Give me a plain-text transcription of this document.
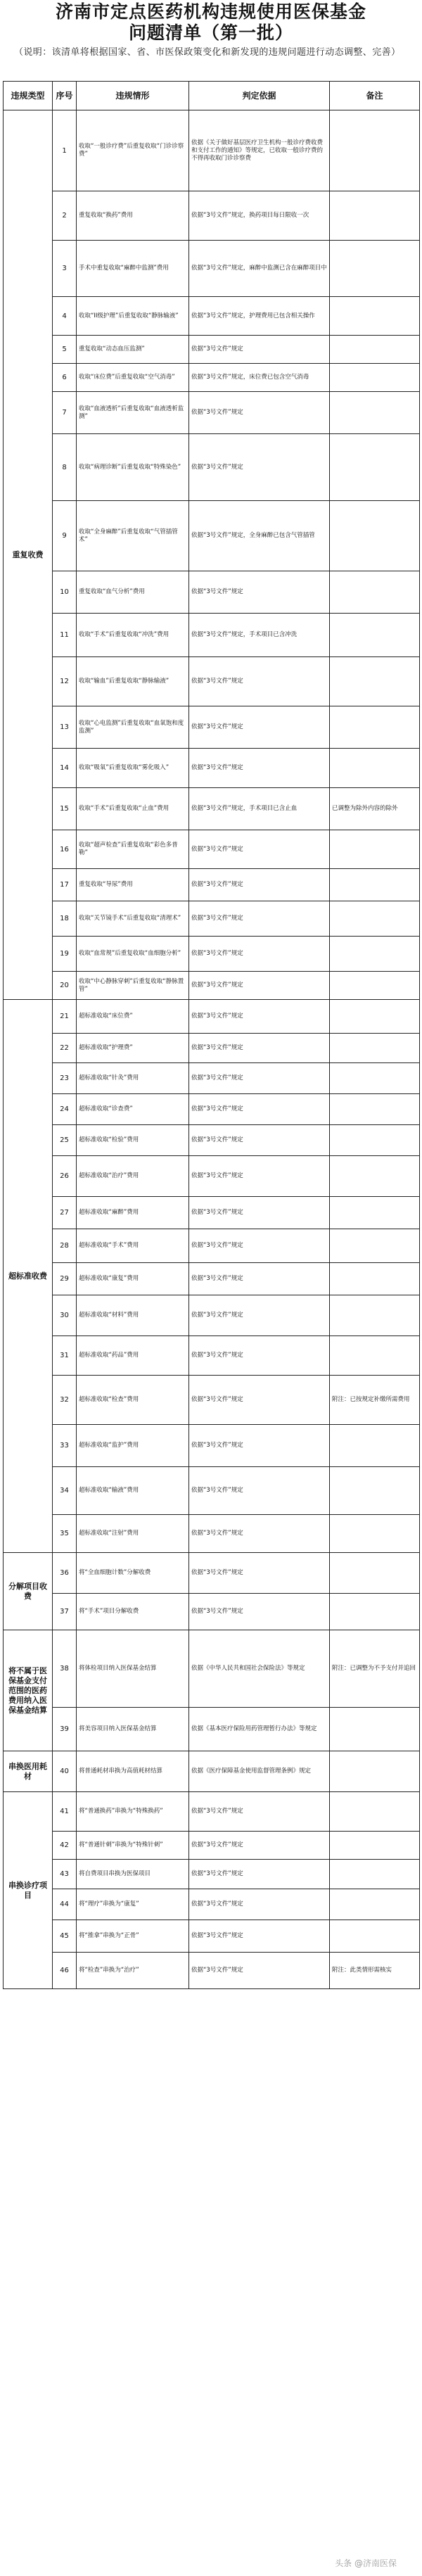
济南市定点医药机构违规使用医保基金
问题清单（第一批）
（说明：该清单将根据国家、省、市医保政策变化和新发现的违规问题进行动态调整、完善）
违规类型	序号	违规情形	判定依据	备注
重复收费	1	收取“一般诊疗费”后重复收取“门诊诊察费”	依据《关于做好基层医疗卫生机构一般诊疗费收费和支付工作的通知》等规定，已收取一般诊疗费的不得再收取门诊诊察费	
	2	重复收取“换药”费用	依据“3号文件”规定，换药项目每日限收一次	
	3	手术中重复收取“麻醉中监测”费用	依据“3号文件”规定，麻醉中监测已含在麻醉项目中	
	4	收取“II级护理”后重复收取“静脉输液”	依据“3号文件”规定，护理费用已包含相关操作	
	5	重复收取“动态血压监测”	依据“3号文件”规定	
	6	收取“床位费”后重复收取“空气消毒”	依据“3号文件”规定，床位费已包含空气消毒	
	7	收取“血液透析”后重复收取“血液透析监测”	依据“3号文件”规定	
	8	收取“病理诊断”后重复收取“特殊染色”	依据“3号文件”规定	
	9	收取“全身麻醉”后重复收取“气管插管术”	依据“3号文件”规定，全身麻醉已包含气管插管	
	10	重复收取“血气分析”费用	依据“3号文件”规定	
	11	收取“手术”后重复收取“冲洗”费用	依据“3号文件”规定，手术项目已含冲洗	
	12	收取“输血”后重复收取“静脉输液”	依据“3号文件”规定	
	13	收取“心电监测”后重复收取“血氧饱和度监测”	依据“3号文件”规定	
	14	收取“吸氧”后重复收取“雾化吸入”	依据“3号文件”规定	
	15	收取“手术”后重复收取“止血”费用	依据“3号文件”规定，手术项目已含止血	已调整为除外内容的除外
	16	收取“超声检查”后重复收取“彩色多普勒”	依据“3号文件”规定	
	17	重复收取“导尿”费用	依据“3号文件”规定	
	18	收取“关节镜手术”后重复收取“清理术”	依据“3号文件”规定	
	19	收取“血常规”后重复收取“血细胞分析”	依据“3号文件”规定	
	20	收取“中心静脉穿刺”后重复收取“静脉置管”	依据“3号文件”规定	
超标准收费	21	超标准收取“床位费”	依据“3号文件”规定	
	22	超标准收取“护理费”	依据“3号文件”规定	
	23	超标准收取“针灸”费用	依据“3号文件”规定	
	24	超标准收取“诊查费”	依据“3号文件”规定	
	25	超标准收取“检验”费用	依据“3号文件”规定	
	26	超标准收取“治疗”费用	依据“3号文件”规定	
	27	超标准收取“麻醉”费用	依据“3号文件”规定	
	28	超标准收取“手术”费用	依据“3号文件”规定	
	29	超标准收取“康复”费用	依据“3号文件”规定	
	30	超标准收取“材料”费用	依据“3号文件”规定	
	31	超标准收取“药品”费用	依据“3号文件”规定	
	32	超标准收取“检查”费用	依据“3号文件”规定	附注：已按规定补缴所需费用
	33	超标准收取“监护”费用	依据“3号文件”规定	
	34	超标准收取“输液”费用	依据“3号文件”规定	
	35	超标准收取“注射”费用	依据“3号文件”规定	
分解项目收费	36	将“全血细胞计数”分解收费	依据“3号文件”规定	
	37	将“手术”项目分解收费	依据“3号文件”规定	
将不属于医保基金支付范围的医药费用纳入医保基金结算	38	将体检项目纳入医保基金结算	依据《中华人民共和国社会保险法》等规定	附注：已调整为不予支付并追回
	39	将美容项目纳入医保基金结算	依据《基本医疗保险用药管理暂行办法》等规定	
串换医用耗材	40	将普通耗材串换为高值耗材结算	依据《医疗保障基金使用监督管理条例》规定	
串换诊疗项目	41	将“普通换药”串换为“特殊换药”	依据“3号文件”规定	
	42	将“普通针刺”串换为“特殊针刺”	依据“3号文件”规定	
	43	将自费项目串换为医保项目	依据“3号文件”规定	
	44	将“理疗”串换为“康复”	依据“3号文件”规定	
	45	将“推拿”串换为“正骨”	依据“3号文件”规定	
	46	将“检查”串换为“治疗”	依据“3号文件”规定	附注：此类情形需核实
头条 @济南医保
